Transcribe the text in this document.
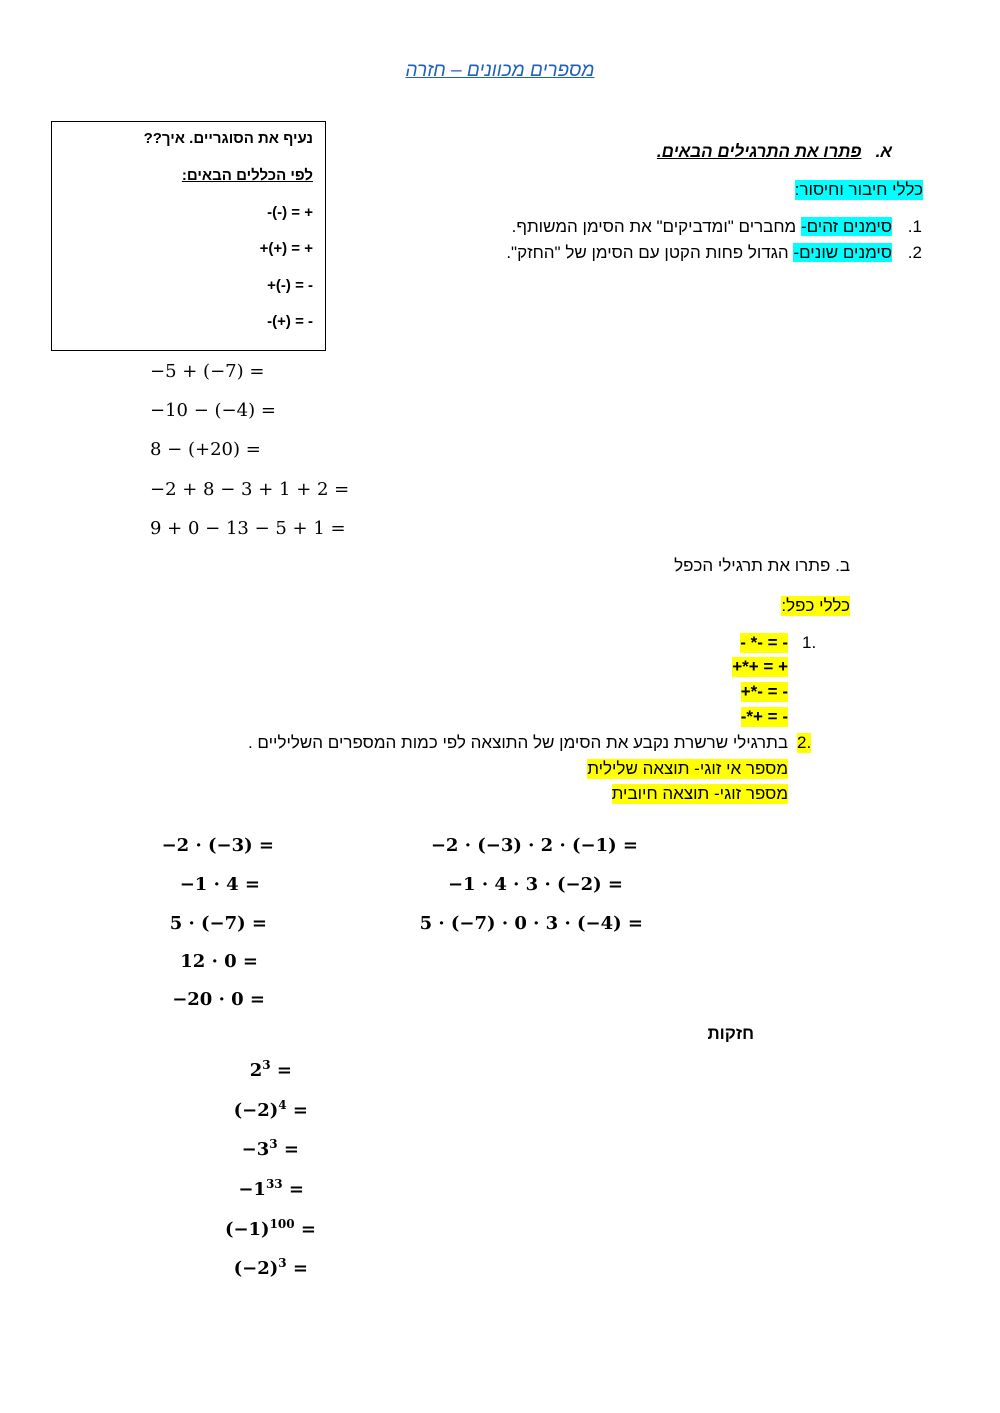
מספרים מכוונים – חזרה
נעיף את הסוגריים. איך??
לפי הכללים הבאים:
+ = (-)-
+ = (+)+
- = (-)+
- = (+)-
א.   פתרו את התרגילים הבאים.
כללי חיבור וחיסור:
1.
סימנים זהים- מחברים "ומדביקים" את הסימן המשותף.
2.
סימנים שונים- הגדול פחות הקטן עם הסימן של "החזק".
−5 + (−7) =
−10 − (−4) =
8 − (+20) =
−2 + 8 − 3 + 1 + 2 =
9 + 0 − 13 − 5 + 1 =
ב. פתרו את תרגילי הכפל
כללי כפל:
1.
- = -* -
+ = +*+
- = -*+
- = +*-
2.
בתרגילי שרשרת נקבע את הסימן של התוצאה לפי כמות המספרים השליליים .
מספר אי זוגי- תוצאה שלילית
מספר זוגי- תוצאה חיובית
−2 · (−3) =
−1 · 4 =
5 · (−7) =
12 · 0 =
−20 · 0 =
−2 · (−3) · 2 · (−1) =
−1 · 4 · 3 · (−2) =
5 · (−7) · 0 · 3 · (−4) =
חזקות
$2^3$ =
$(-2)^4$ =
$-3^3$ =
$-1^{33}$ =
$(-1)^{100}$ =
$(-2)^3$ =
